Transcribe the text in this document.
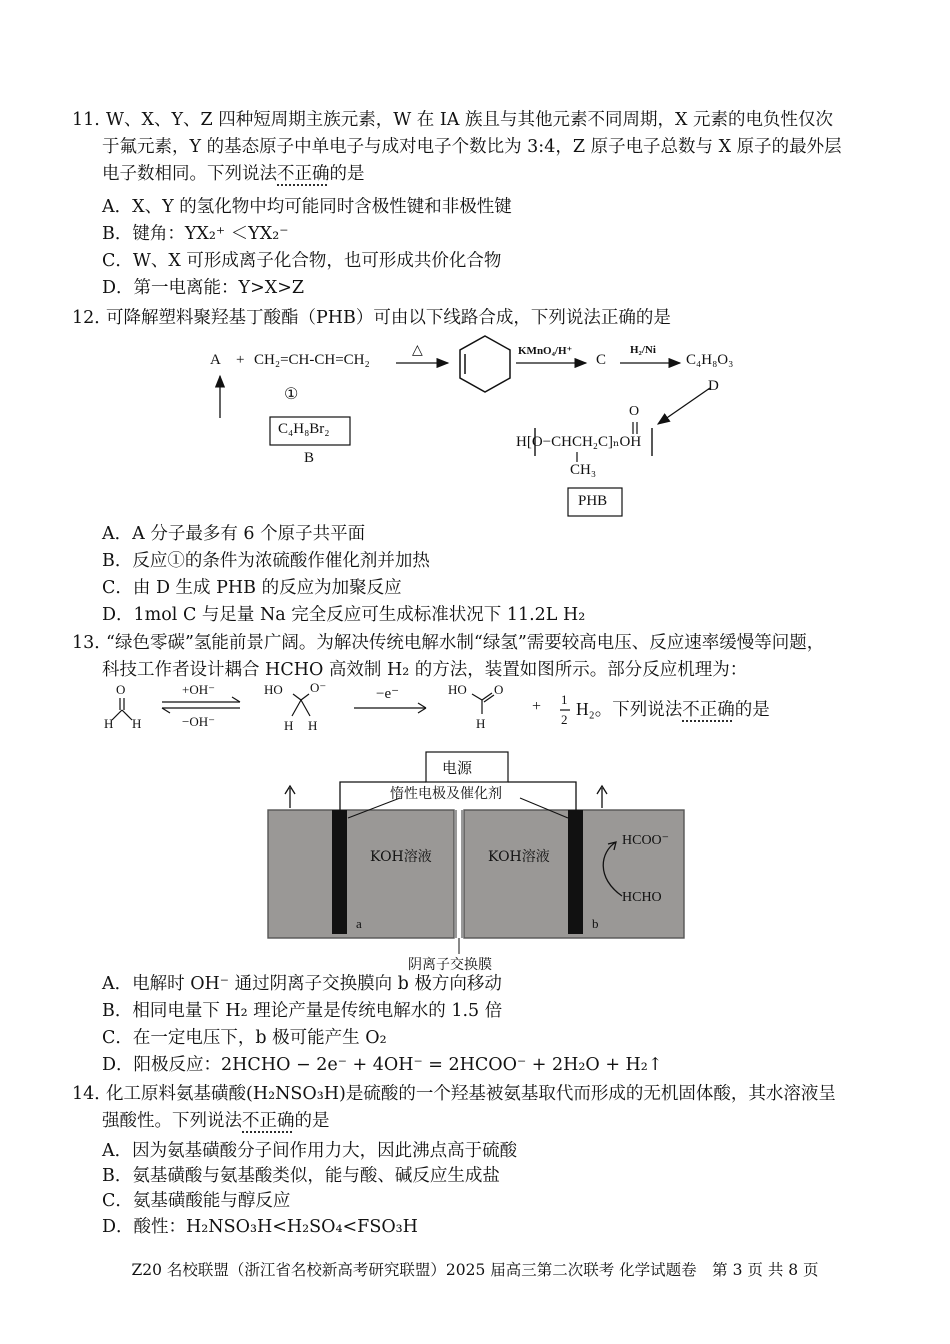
11. W、X、Y、Z 四种短周期主族元素，W 在 IA 族且与其他元素不同周期，X 元素的电负性仅次
于氟元素，Y 的基态原子中单电子与成对电子个数比为 3:4，Z 原子电子总数与 X 原子的最外层
电子数相同。下列说法不正确的是
A．X、Y 的氢化物中均可能同时含极性键和非极性键
B．键角：YX₂⁺ ＜YX₂⁻
C．W、X 可形成离子化合物，也可形成共价化合物
D．第一电离能：Y>X>Z
12．可降解塑料聚羟基丁酸酯（PHB）可由以下线路合成，下列说法正确的是
A + CH₂=CH-CH=CH₂
△	KMnO₄/H⁺
C
H₂/Ni
C₄H₈O₃
D
①
C₄H₈Br₂
B
O
H[O−CHCH₂C]ₙOH
CH₃
PHB
A．A 分子最多有 6 个原子共平面
B．反应①的条件为浓硫酸作催化剂并加热
C．由 D 生成 PHB 的反应为加聚反应
D．1mol C 与足量 Na 完全反应可生成标准状况下 11.2L H₂
13．“绿色零碳”氢能前景广阔。为解决传统电解水制“绿氢”需要较高电压、反应速率缓慢等问题，
科技工作者设计耦合 HCHO 高效制 H₂ 的方法，装置如图所示。部分反应机理为：
O
H H
+OH⁻
−OH⁻
HO O⁻
H H
−e⁻	HO O
H
+ 1
2
H₂。下列说法不正确的是
电源
惰性电极及催化剂
KOH溶液	KOH溶液
HCOO⁻
HCHO
a	b
阴离子交换膜
A．电解时 OH⁻ 通过阴离子交换膜向 b 极方向移动
B．相同电量下 H₂ 理论产量是传统电解水的 1.5 倍
C．在一定电压下，b 极可能产生 O₂
D．阳极反应：2HCHO − 2e⁻ + 4OH⁻ = 2HCOO⁻ + 2H₂O + H₂↑
14．化工原料氨基磺酸(H₂NSO₃H)是硫酸的一个羟基被氨基取代而形成的无机固体酸，其水溶液呈
强酸性。下列说法不正确的是
A．因为氨基磺酸分子间作用力大，因此沸点高于硫酸
B．氨基磺酸与氨基酸类似，能与酸、碱反应生成盐
C．氨基磺酸能与醇反应
D．酸性：H₂NSO₃H<H₂SO₄<FSO₃H
Z20 名校联盟（浙江省名校新高考研究联盟）2025 届高三第二次联考 化学试题卷　第 3 页 共 8 页
